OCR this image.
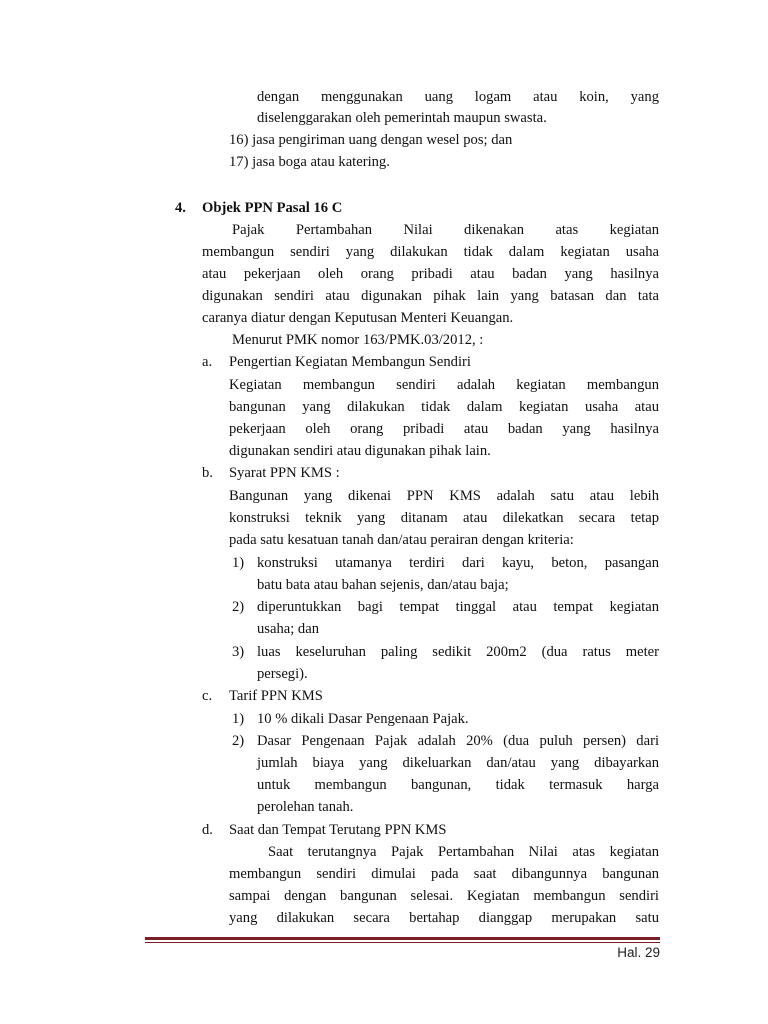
dengan menggunakan uang logam atau koin, yang
diselenggarakan oleh pemerintah maupun swasta.
16) jasa pengiriman uang dengan wesel pos; dan
17) jasa boga atau katering.
4. Objek PPN Pasal 16 C
Pajak Pertambahan Nilai dikenakan atas kegiatan
membangun sendiri yang dilakukan tidak dalam kegiatan usaha
atau pekerjaan oleh orang pribadi atau badan yang hasilnya
digunakan sendiri atau digunakan pihak lain yang batasan dan tata
caranya diatur dengan Keputusan Menteri Keuangan.
Menurut PMK nomor 163/PMK.03/2012, :
a. Pengertian Kegiatan Membangun Sendiri
Kegiatan membangun sendiri adalah kegiatan membangun
bangunan yang dilakukan tidak dalam kegiatan usaha atau
pekerjaan oleh orang pribadi atau badan yang hasilnya
digunakan sendiri atau digunakan pihak lain.
b. Syarat PPN KMS :
Bangunan yang dikenai PPN KMS adalah satu atau lebih
konstruksi teknik yang ditanam atau dilekatkan secara tetap
pada satu kesatuan tanah dan/atau perairan dengan kriteria:
1) konstruksi utamanya terdiri dari kayu, beton, pasangan
batu bata atau bahan sejenis, dan/atau baja;
2) diperuntukkan bagi tempat tinggal atau tempat kegiatan
usaha; dan
3) luas keseluruhan paling sedikit 200m2 (dua ratus meter
persegi).
c. Tarif PPN KMS
1) 10 % dikali Dasar Pengenaan Pajak.
2) Dasar Pengenaan Pajak adalah 20% (dua puluh persen) dari
jumlah biaya yang dikeluarkan dan/atau yang dibayarkan
untuk membangun bangunan, tidak termasuk harga
perolehan tanah.
d. Saat dan Tempat Terutang PPN KMS
Saat terutangnya Pajak Pertambahan Nilai atas kegiatan
membangun sendiri dimulai pada saat dibangunnya bangunan
sampai dengan bangunan selesai. Kegiatan membangun sendiri
yang dilakukan secara bertahap dianggap merupakan satu
Hal. 29
